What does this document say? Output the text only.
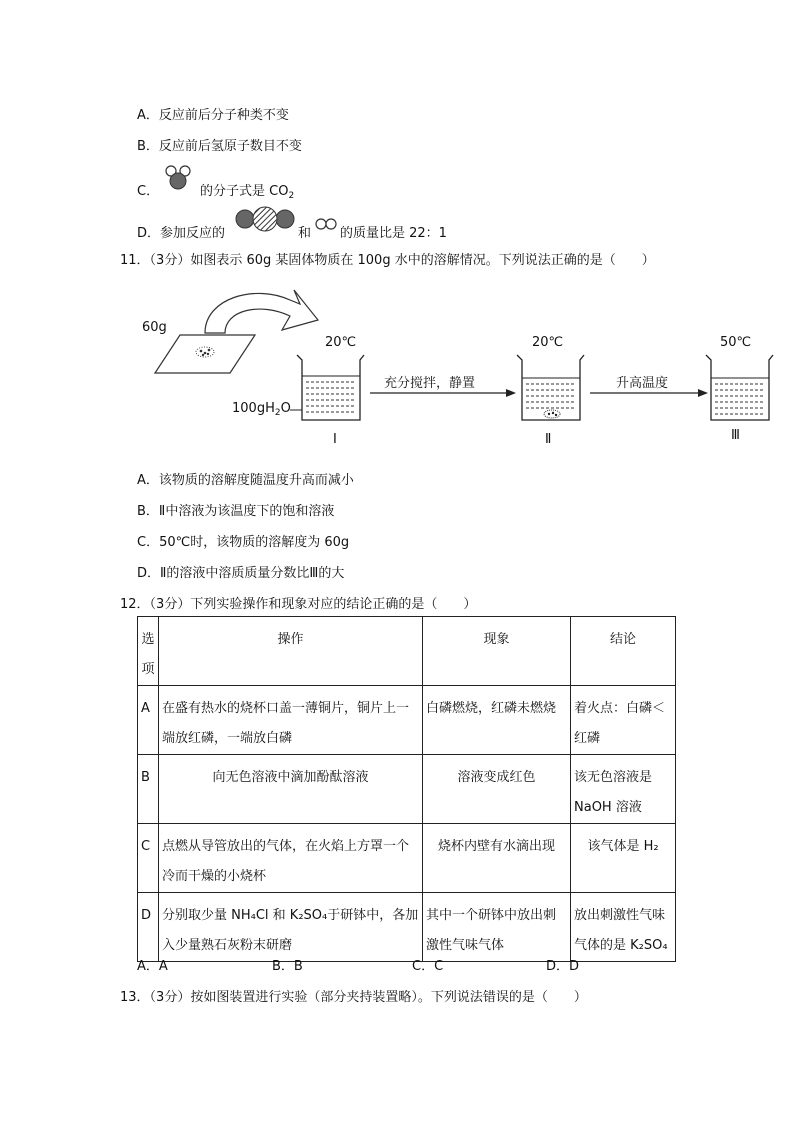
A．反应前后分子种类不变
B．反应前后氢原子数目不变
C．	的分子式是 $CO_2$
D．参加反应的	和 的质量比是 22：1
11．（3分）如图表示 60g 某固体物质在 100g 水中的溶解情况。下列说法正确的是（　　）
60g
20℃
$100gH_2O$
Ⅰ
充分搅拌，静置
20℃
Ⅱ
升高温度
50℃
Ⅲ
A．该物质的溶解度随温度升高而减小
B．Ⅱ中溶液为该温度下的饱和溶液
C．50℃时，该物质的溶解度为 60g
D．Ⅱ的溶液中溶质质量分数比Ⅲ的大
12．（3分）下列实验操作和现象对应的结论正确的是（　　）
选项	操作	现象	结论
A	在盛有热水的烧杯口盖一薄铜片，铜片上一端放红磷，一端放白磷	白磷燃烧，红磷未燃烧	着火点：白磷＜红磷
B	向无色溶液中滴加酚酞溶液	溶液变成红色	该无色溶液是 NaOH 溶液
C	点燃从导管放出的气体，在火焰上方罩一个冷而干燥的小烧杯	烧杯内壁有水滴出现	该气体是 H₂
D	分别取少量 NH₄Cl 和 K₂SO₄于研钵中，各加入少量熟石灰粉末研磨	其中一个研钵中放出刺激性气味气体	放出刺激性气味气体的是 K₂SO₄
A．A	B．B	C．C	D．D
13．（3分）按如图装置进行实验（部分夹持装置略）。下列说法错误的是（　　）
